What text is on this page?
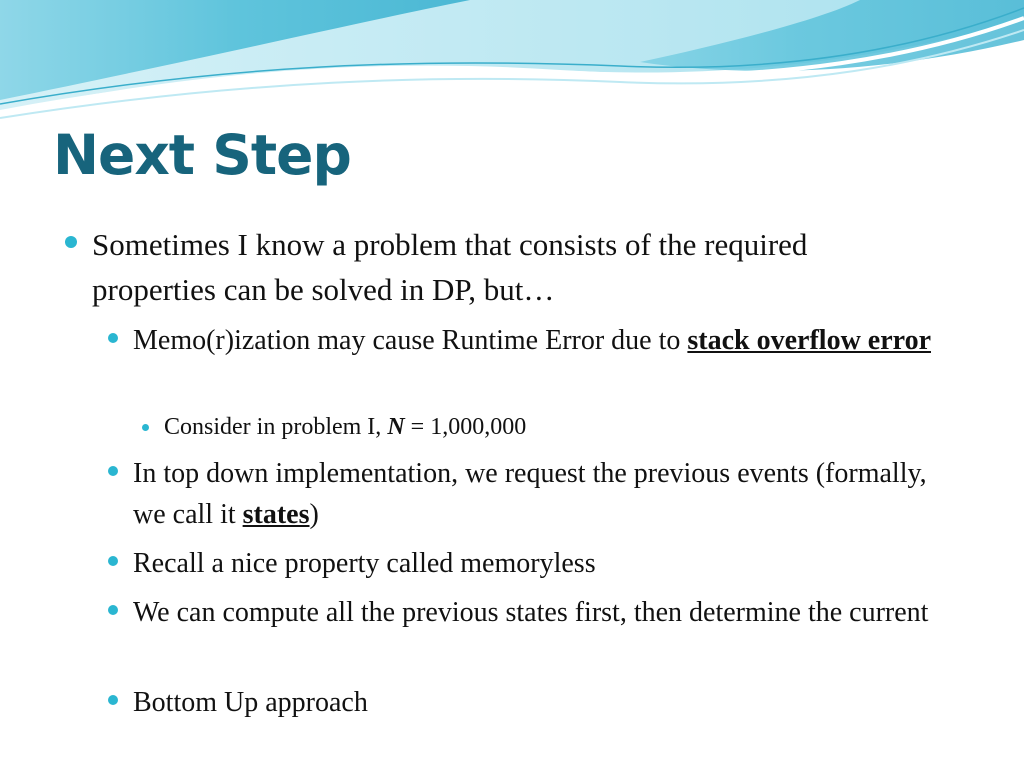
Next Step
Sometimes I know a problem that consists of the required properties can be solved in DP, but…
Memo(r)ization may cause Runtime Error due to stack overflow error
Consider in problem I, N = 1,000,000
In top down implementation, we request the previous events (formally, we call it states)
Recall a nice property called memoryless
We can compute all the previous states first, then determine the current
Bottom Up approach
